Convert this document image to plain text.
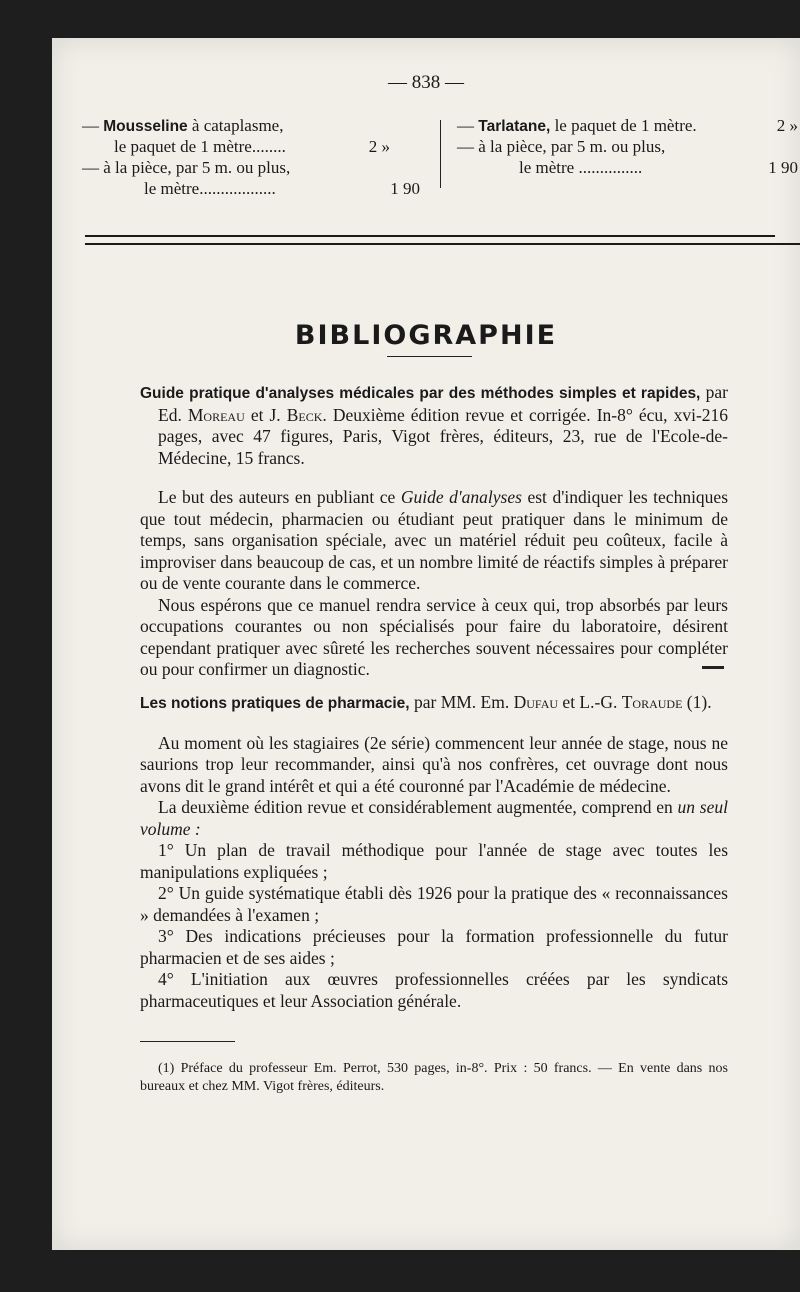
— 838 —
— Mousseline à cataplasme,
le paquet de 1 mètre........	2 »
— à la pièce, par 5 m. ou plus,
le mètre..................	1 90
— Tarlatane, le paquet de 1 mètre.	2 »
— à la pièce, par 5 m. ou plus,
le mètre ...............	1 90
BIBLIOGRAPHIE

Guide pratique d'analyses médicales par des méthodes simples et rapides, par Ed. Moreau et J. Beck. Deuxième édition revue et corrigée. In-8° écu, xvi-216 pages, avec 47 figures, Paris, Vigot frères, éditeurs, 23, rue de l'Ecole-de-Médecine, 15 francs.

Le but des auteurs en publiant ce Guide d'analyses est d'indiquer les techniques que tout médecin, pharmacien ou étudiant peut pratiquer dans le minimum de temps, sans organisation spéciale, avec un matériel réduit peu coûteux, facile à improviser dans beaucoup de cas, et un nombre limité de réactifs simples à préparer ou de vente courante dans le commerce.

Nous espérons que ce manuel rendra service à ceux qui, trop absorbés par leurs occupations courantes ou non spécialisés pour faire du laboratoire, désirent cependant pratiquer avec sûreté les recherches souvent nécessaires pour compléter ou pour confirmer un diagnostic.

Les notions pratiques de pharmacie, par MM. Em. Dufau et L.-G. Toraude (1).

Au moment où les stagiaires (2e série) commencent leur année de stage, nous ne saurions trop leur recommander, ainsi qu'à nos confrères, cet ouvrage dont nous avons dit le grand intérêt et qui a été couronné par l'Académie de médecine.

La deuxième édition revue et considérablement augmentée, comprend en un seul volume :

1° Un plan de travail méthodique pour l'année de stage avec toutes les manipulations expliquées ;

2° Un guide systématique établi dès 1926 pour la pratique des « reconnaissances » demandées à l'examen ;

3° Des indications précieuses pour la formation professionnelle du futur pharmacien et de ses aides ;

4° L'initiation aux œuvres professionnelles créées par les syndicats pharmaceutiques et leur Association générale.

(1) Préface du professeur Em. Perrot, 530 pages, in-8°. Prix : 50 francs. — En vente dans nos bureaux et chez MM. Vigot frères, éditeurs.
